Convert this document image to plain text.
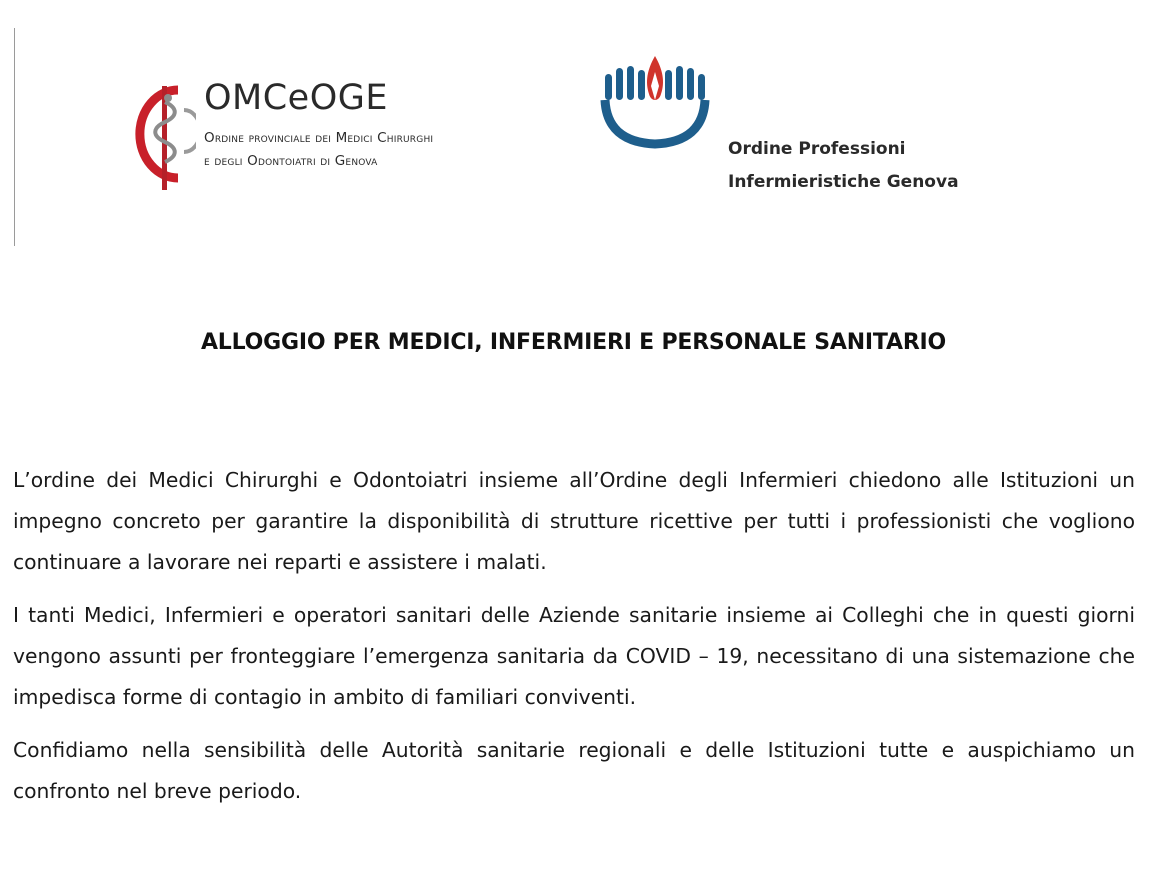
OMCeOGE
Ordine provinciale dei Medici Chirurghi
e degli Odontoiatri di Genova
Ordine Professioni
Infermieristiche Genova
ALLOGGIO PER MEDICI, INFERMIERI E PERSONALE SANITARIO

L’ordine dei Medici Chirurghi e Odontoiatri insieme all’Ordine degli Infermieri chiedono alle Istituzioni un impegno concreto per garantire la disponibilità di strutture ricettive per tutti i professionisti che vogliono continuare a lavorare nei reparti e assistere i malati.

I tanti Medici, Infermieri e operatori sanitari delle Aziende sanitarie insieme ai Colleghi che in questi giorni vengono assunti per fronteggiare l’emergenza sanitaria da COVID – 19, necessitano di una sistemazione che impedisca forme di contagio in ambito di familiari conviventi.

Confidiamo nella sensibilità delle Autorità sanitarie regionali e delle Istituzioni tutte e auspichiamo un confronto nel breve periodo.
